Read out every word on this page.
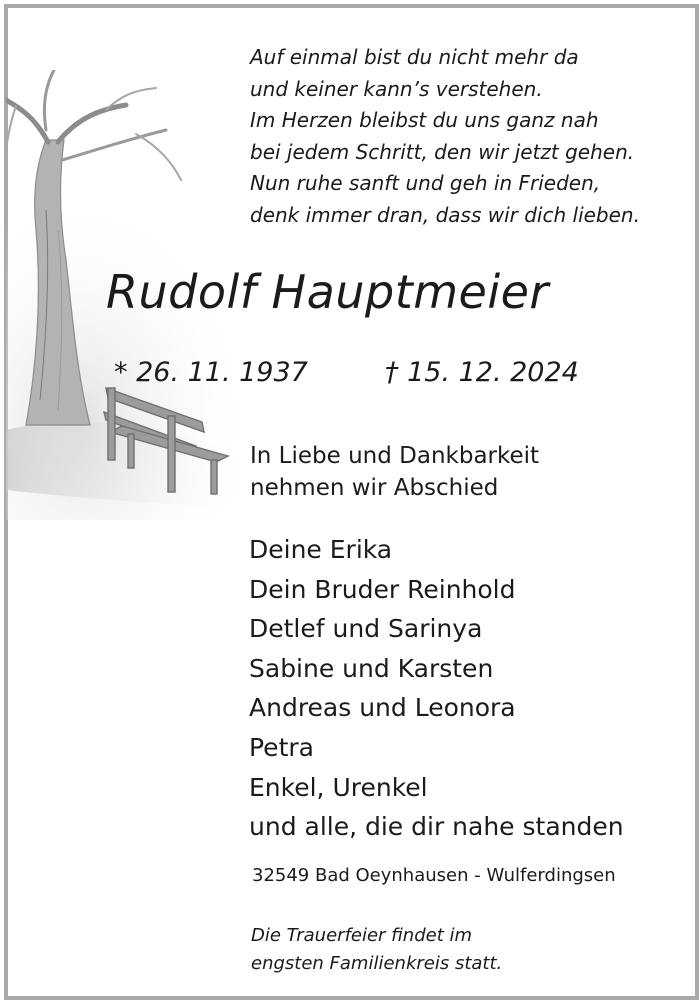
Auf einmal bist du nicht mehr da
und keiner kann’s verstehen.
Im Herzen bleibst du uns ganz nah
bei jedem Schritt, den wir jetzt gehen.
Nun ruhe sanft und geh in Frieden,
denk immer dran, dass wir dich lieben.
Rudolf Hauptmeier
* 26. 11. 1937	† 15. 12. 2024
In Liebe und Dankbarkeit
nehmen wir Abschied
Deine Erika
Dein Bruder Reinhold
Detlef und Sarinya
Sabine und Karsten
Andreas und Leonora
Petra
Enkel, Urenkel
und alle, die dir nahe standen
32549 Bad Oeynhausen - Wulferdingsen
Die Trauerfeier findet im
engsten Familienkreis statt.
